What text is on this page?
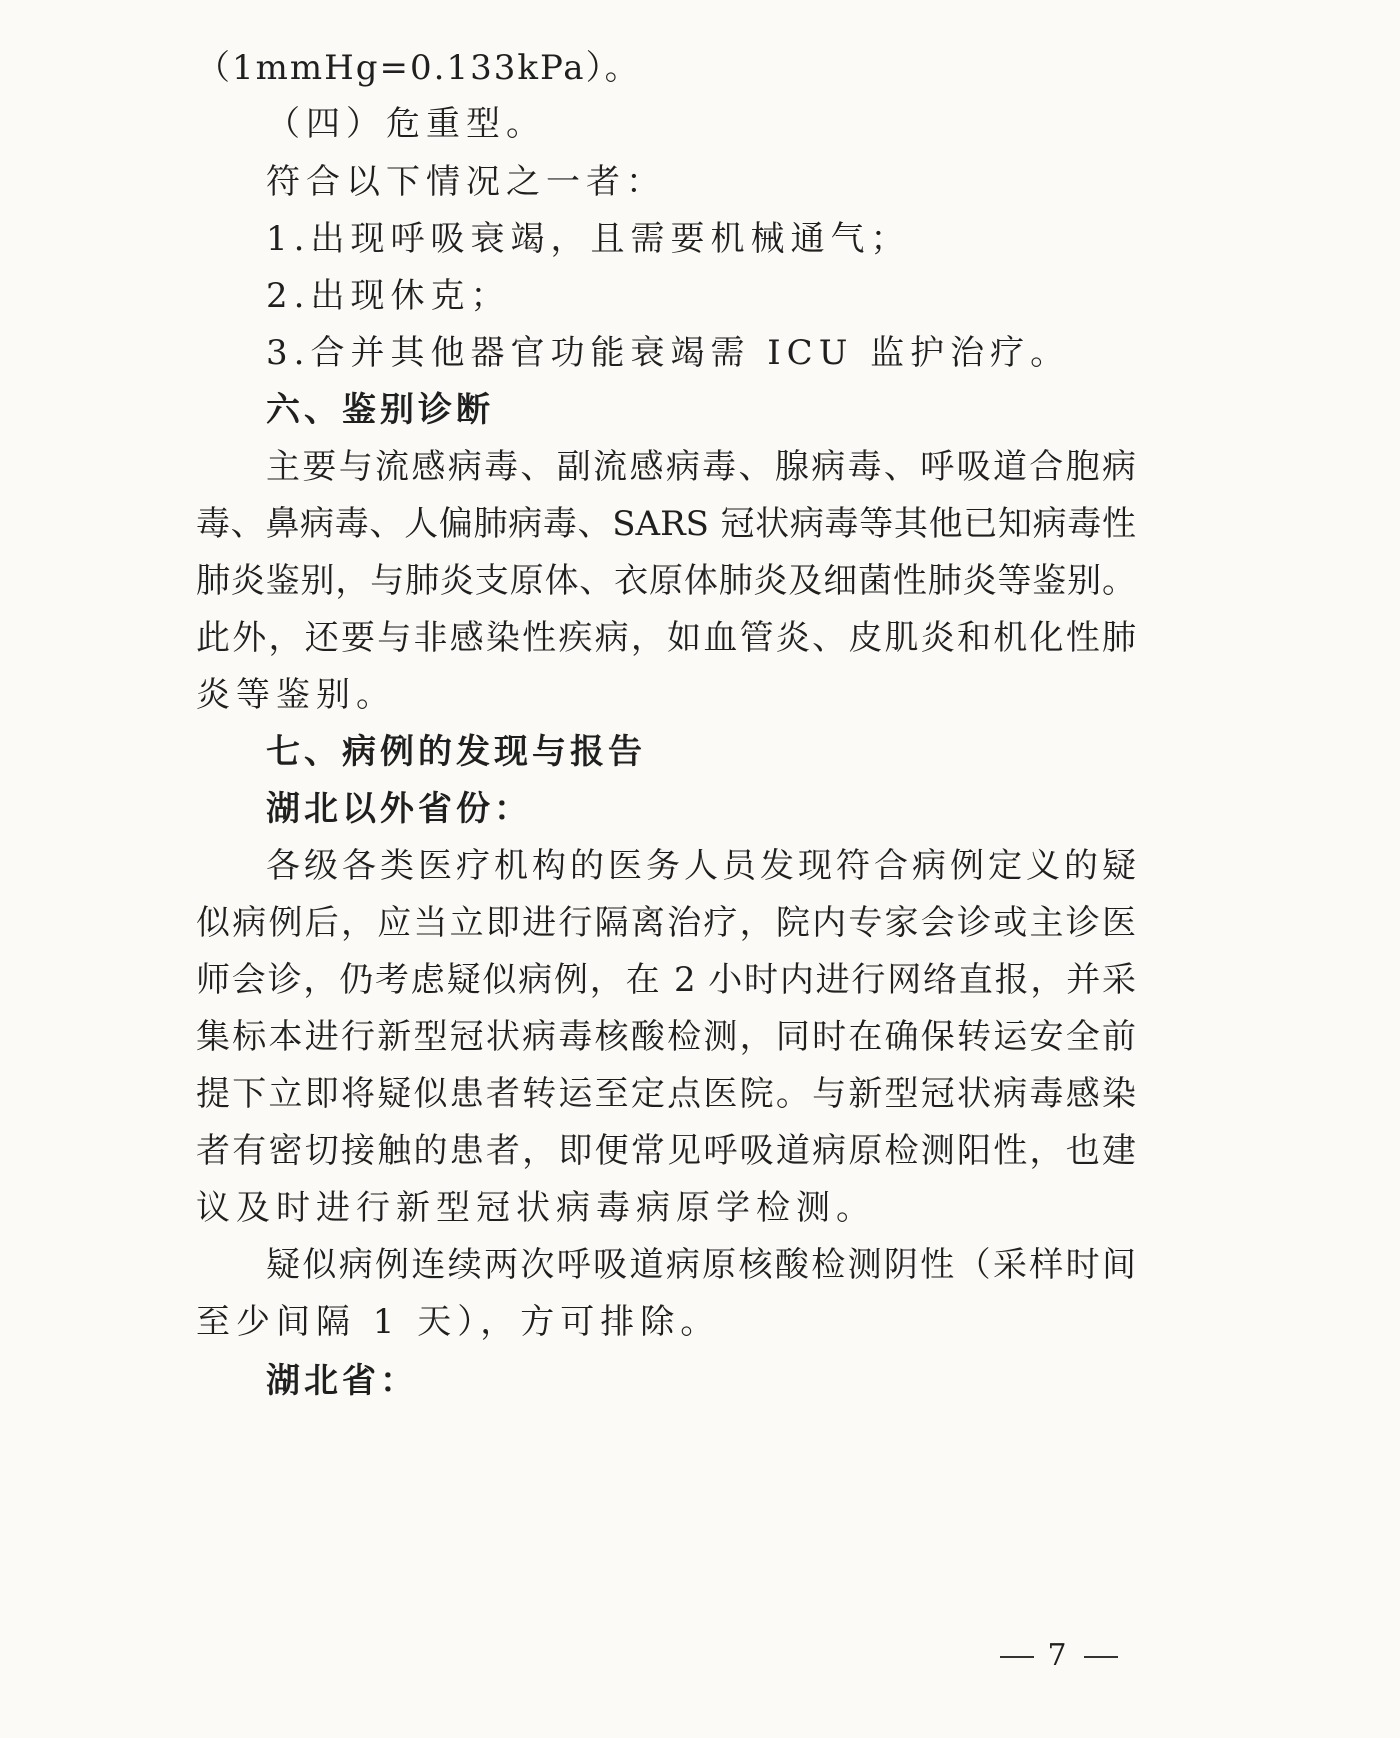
（1mmHg=0.133kPa）。
（四）危重型。
符合以下情况之一者：
1.出现呼吸衰竭，且需要机械通气；
2.出现休克；
3.合并其他器官功能衰竭需 ICU 监护治疗。
六、鉴别诊断
主要与流感病毒、副流感病毒、腺病毒、呼吸道合胞病
毒、鼻病毒、人偏肺病毒、SARS 冠状病毒等其他已知病毒性
肺炎鉴别，与肺炎支原体、衣原体肺炎及细菌性肺炎等鉴别。
此外，还要与非感染性疾病，如血管炎、皮肌炎和机化性肺
炎等鉴别。
七、病例的发现与报告
湖北以外省份：
各级各类医疗机构的医务人员发现符合病例定义的疑
似病例后，应当立即进行隔离治疗，院内专家会诊或主诊医
师会诊，仍考虑疑似病例，在 2 小时内进行网络直报，并采
集标本进行新型冠状病毒核酸检测，同时在确保转运安全前
提下立即将疑似患者转运至定点医院。与新型冠状病毒感染
者有密切接触的患者，即便常见呼吸道病原检测阳性，也建
议及时进行新型冠状病毒病原学检测。
疑似病例连续两次呼吸道病原核酸检测阴性（采样时间
至少间隔 1 天），方可排除。
湖北省：
7
